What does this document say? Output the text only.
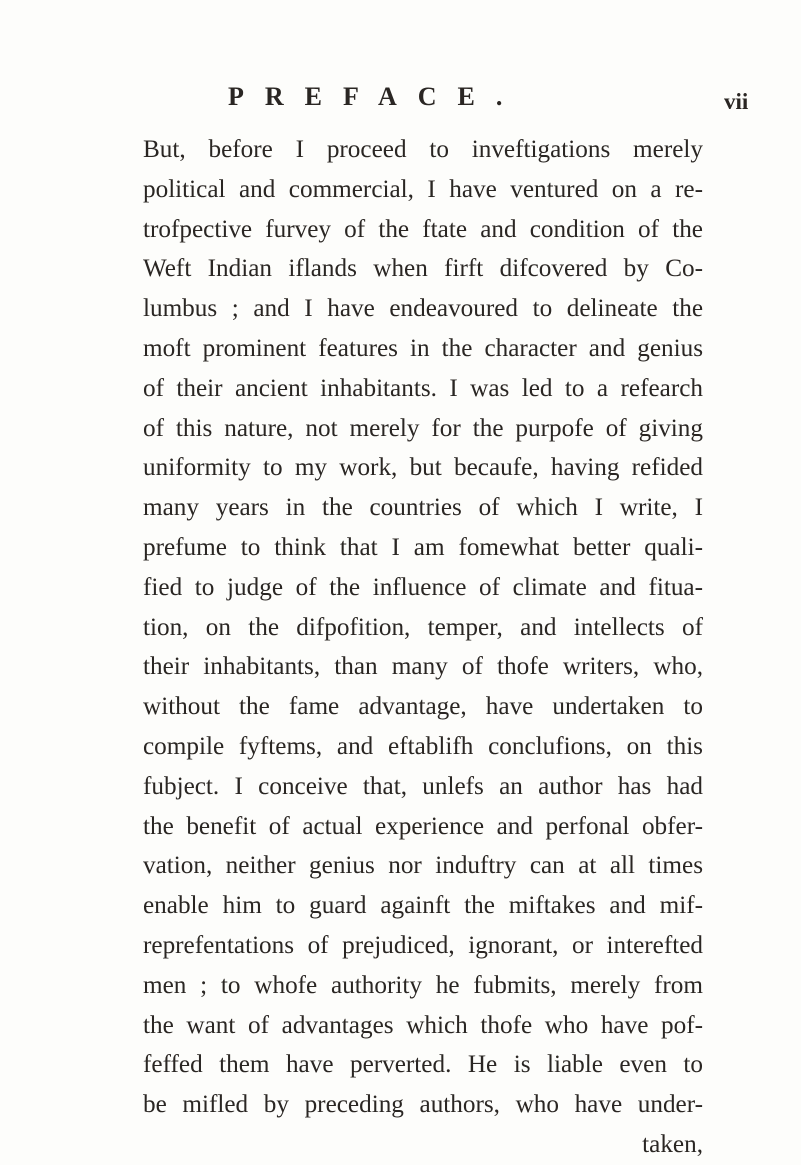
PREFACE.	vii
But, before I proceed to inveftigations merely
political and commercial, I have ventured on a re-
trofpective furvey of the ftate and condition of the
Weft Indian iflands when firft difcovered by Co-
lumbus ; and I have endeavoured to delineate the
moft prominent features in the character and genius
of their ancient inhabitants. I was led to a refearch
of this nature, not merely for the purpofe of giving
uniformity to my work, but becaufe, having refided
many years in the countries of which I write, I
prefume to think that I am fomewhat better quali-
fied to judge of the influence of climate and fitua-
tion, on the difpofition, temper, and intellects of
their inhabitants, than many of thofe writers, who,
without the fame advantage, have undertaken to
compile fyftems, and eftablifh conclufions, on this
fubject. I conceive that, unlefs an author has had
the benefit of actual experience and perfonal obfer-
vation, neither genius nor induftry can at all times
enable him to guard againft the miftakes and mif-
reprefentations of prejudiced, ignorant, or interefted
men ; to whofe authority he fubmits, merely from
the want of advantages which thofe who have pof-
feffed them have perverted. He is liable even to
be mifled by preceding authors, who have under-
taken,
